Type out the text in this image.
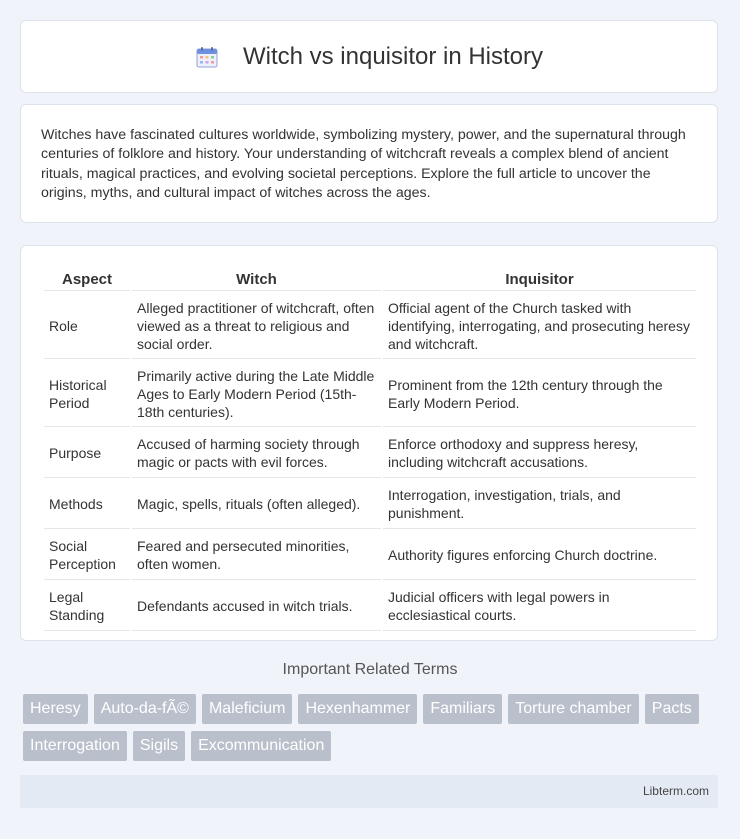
Witch vs inquisitor in History

Witches have fascinated cultures worldwide, symbolizing mystery, power, and the supernatural through centuries of folklore and history. Your understanding of witchcraft reveals a complex blend of ancient rituals, magical practices, and evolving societal perceptions. Explore the full article to uncover the origins, myths, and cultural impact of witches across the ages.

Aspect	Witch	Inquisitor
Role	Alleged practitioner of witchcraft, often viewed as a threat to religious and social order.	Official agent of the Church tasked with identifying, interrogating, and prosecuting heresy and witchcraft.
Historical Period	Primarily active during the Late Middle Ages to Early Modern Period (15th-18th centuries).	Prominent from the 12th century through the Early Modern Period.
Purpose	Accused of harming society through magic or pacts with evil forces.	Enforce orthodoxy and suppress heresy, including witchcraft accusations.
Methods	Magic, spells, rituals (often alleged).	Interrogation, investigation, trials, and punishment.
Social Perception	Feared and persecuted minorities, often women.	Authority figures enforcing Church doctrine.
Legal Standing	Defendants accused in witch trials.	Judicial officers with legal powers in ecclesiastical courts.
Important Related Terms
Heresy	Auto-da-fÃ©	Maleficium	Hexenhammer	Familiars	Torture chamber	Pacts
Interrogation	Sigils	Excommunication
Libterm.com
